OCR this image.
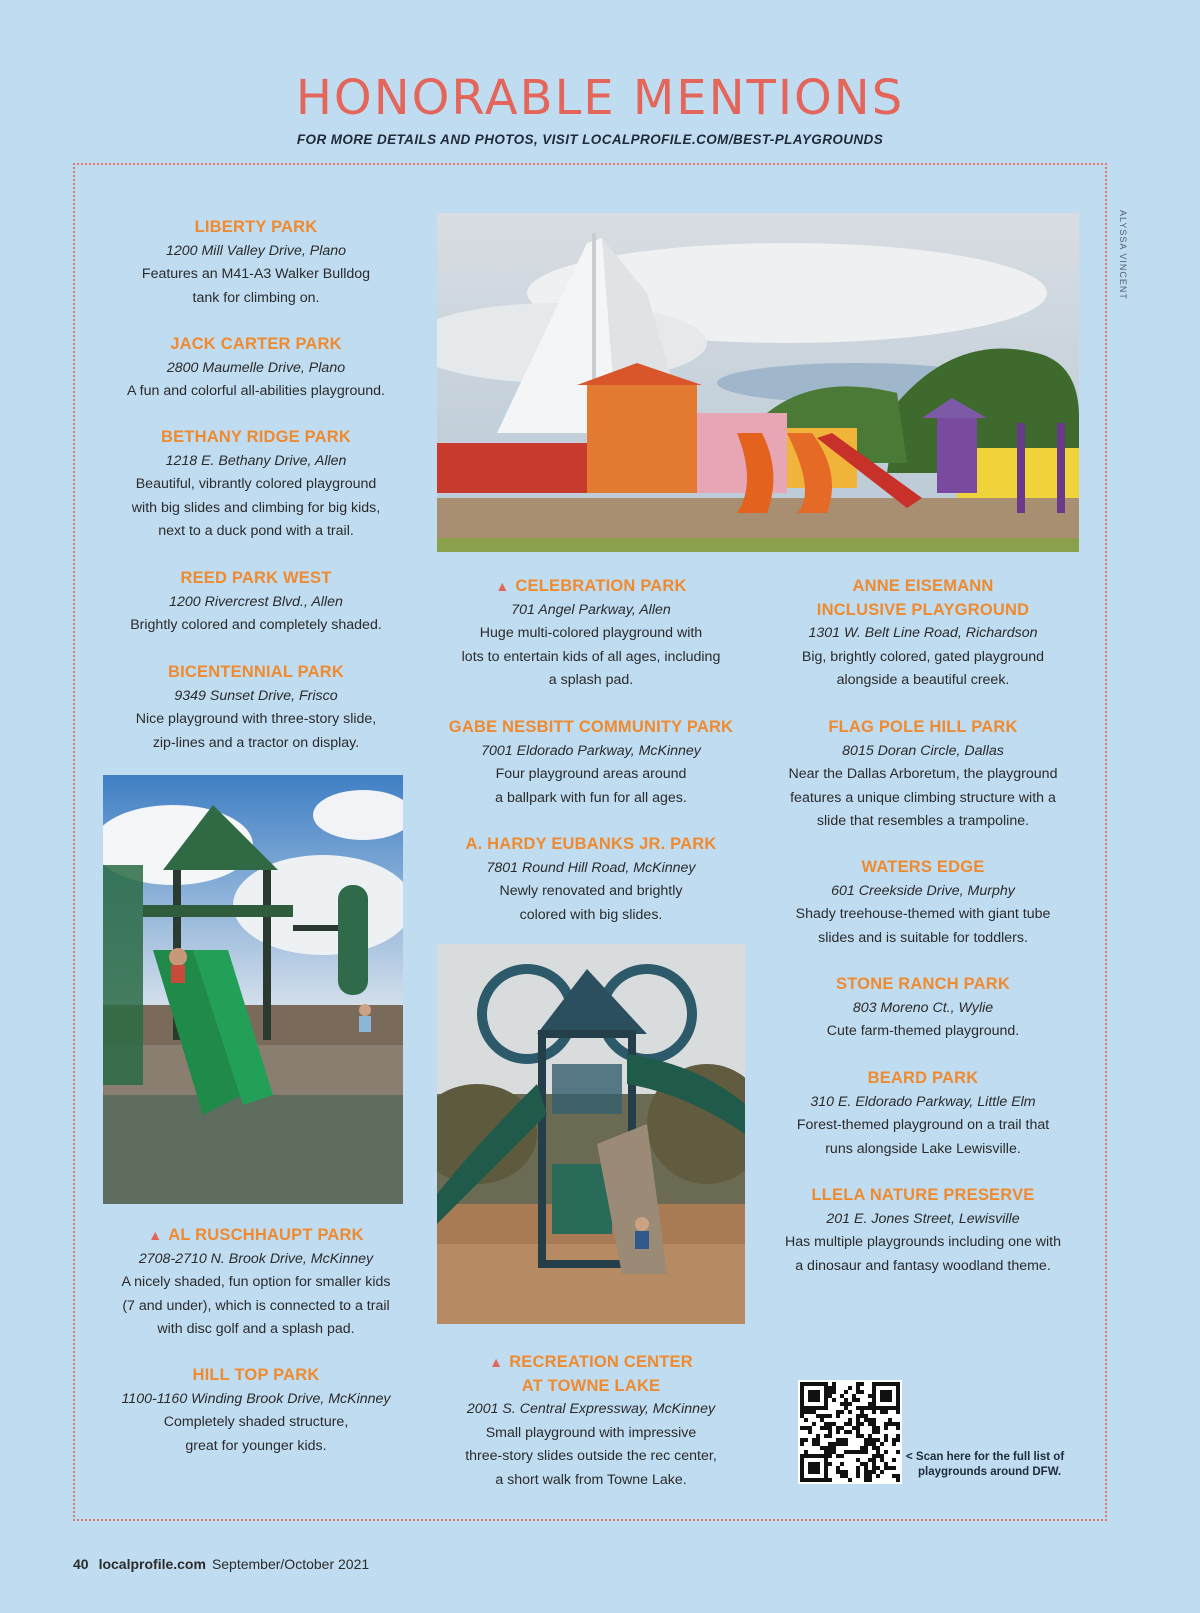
HONORABLE MENTIONS
FOR MORE DETAILS AND PHOTOS, VISIT LOCALPROFILE.COM/BEST-PLAYGROUNDS
ALYSSA VINCENT
LIBERTY PARK
1200 Mill Valley Drive, Plano
Features an M41-A3 Walker Bulldog
tank for climbing on.
JACK CARTER PARK
2800 Maumelle Drive, Plano
A fun and colorful all-abilities playground.
BETHANY RIDGE PARK
1218 E. Bethany Drive, Allen
Beautiful, vibrantly colored playground
with big slides and climbing for big kids,
next to a duck pond with a trail.
REED PARK WEST
1200 Rivercrest Blvd., Allen
Brightly colored and completely shaded.
BICENTENNIAL PARK
9349 Sunset Drive, Frisco
Nice playground with three-story slide,
zip-lines and a tractor on display.
▲ AL RUSCHHAUPT PARK
2708-2710 N. Brook Drive, McKinney
A nicely shaded, fun option for smaller kids
(7 and under), which is connected to a trail
with disc golf and a splash pad.
HILL TOP PARK
1100-1160 Winding Brook Drive, McKinney
Completely shaded structure,
great for younger kids.
▲ CELEBRATION PARK
701 Angel Parkway, Allen
Huge multi-colored playground with
lots to entertain kids of all ages, including
a splash pad.
GABE NESBITT COMMUNITY PARK
7001 Eldorado Parkway, McKinney
Four playground areas around
a ballpark with fun for all ages.
A. HARDY EUBANKS JR. PARK
7801 Round Hill Road, McKinney
Newly renovated and brightly
colored with big slides.
▲ RECREATION CENTER
AT TOWNE LAKE
2001 S. Central Expressway, McKinney
Small playground with impressive
three-story slides outside the rec center,
a short walk from Towne Lake.
ANNE EISEMANN
INCLUSIVE PLAYGROUND
1301 W. Belt Line Road, Richardson
Big, brightly colored, gated playground
alongside a beautiful creek.
FLAG POLE HILL PARK
8015 Doran Circle, Dallas
Near the Dallas Arboretum, the playground
features a unique climbing structure with a
slide that resembles a trampoline.
WATERS EDGE
601 Creekside Drive, Murphy
Shady treehouse-themed with giant tube
slides and is suitable for toddlers.
STONE RANCH PARK
803 Moreno Ct., Wylie
Cute farm-themed playground.
BEARD PARK
310 E. Eldorado Parkway, Little Elm
Forest-themed playground on a trail that
runs alongside Lake Lewisville.
LLELA NATURE PRESERVE
201 E. Jones Street, Lewisville
Has multiple playgrounds including one with
a dinosaur and fantasy woodland theme.
< Scan here for the full list of
playgrounds around DFW.
40 localprofile.com September/October 2021
